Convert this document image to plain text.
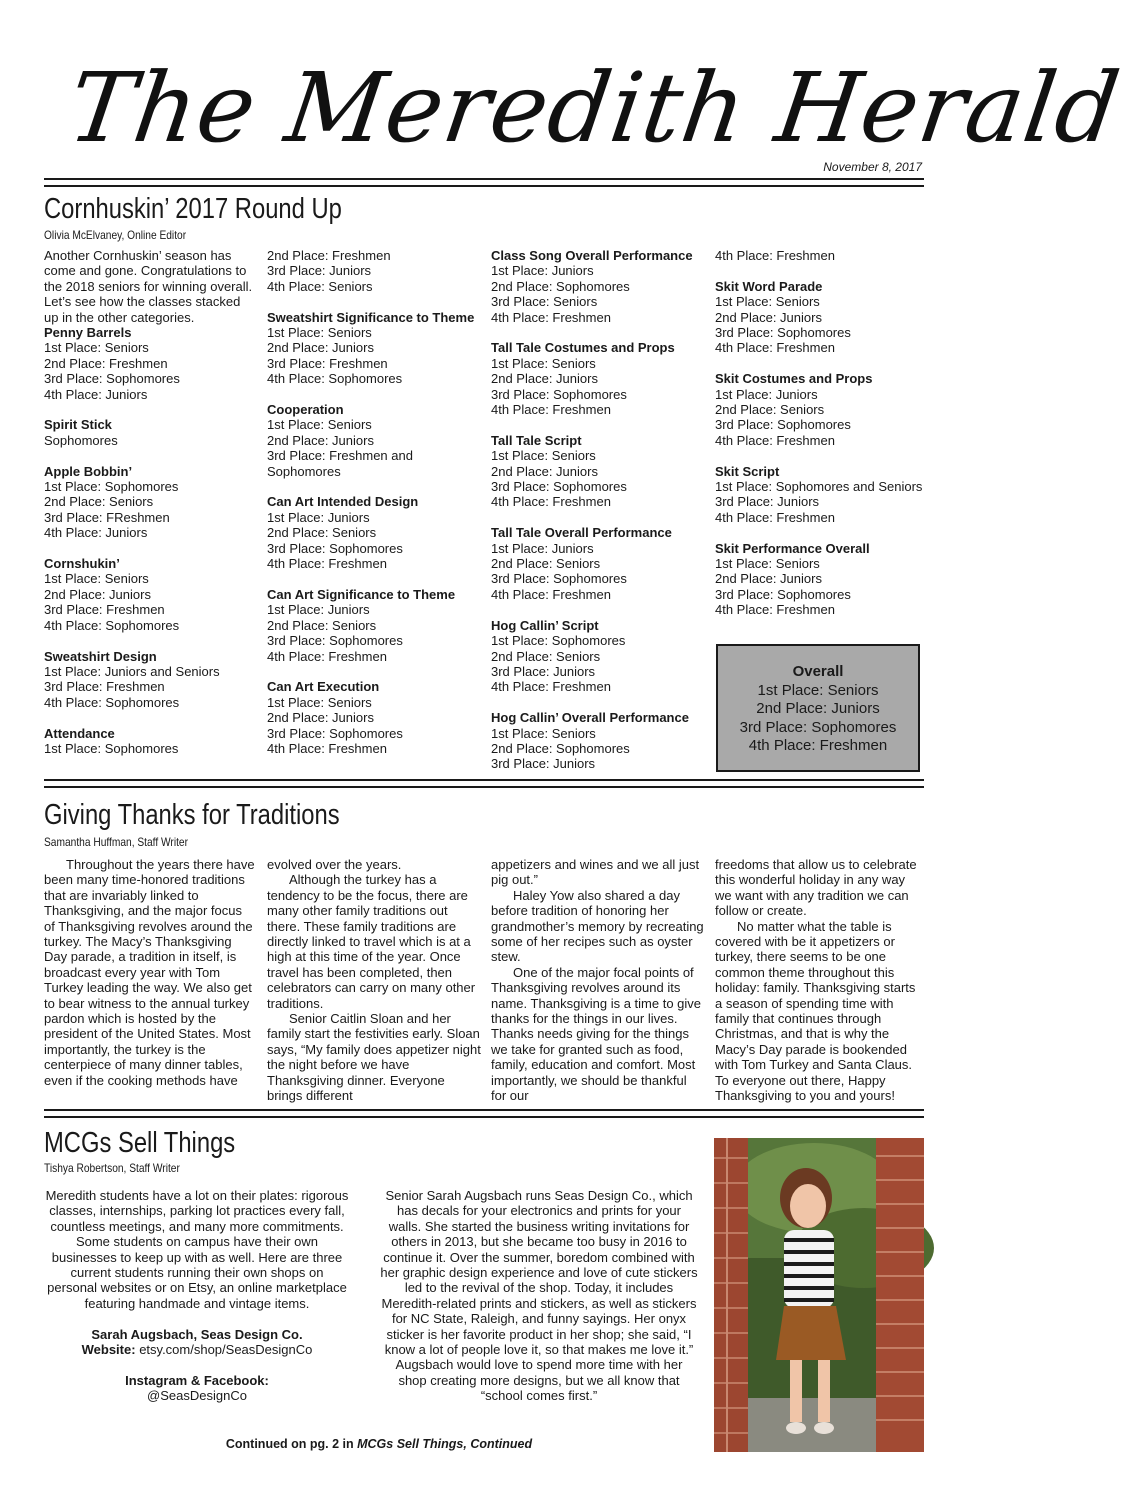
The Meredith Herald
November 8, 2017
Cornhuskin’ 2017 Round Up
Olivia McElvaney, Online Editor

Another Cornhuskin’ season has come and gone. Congratulations to the 2018 seniors for winning overall. Let’s see how the classes stacked up in the other categories.

Penny Barrels
1st Place: Seniors
2nd Place: Freshmen
3rd Place: Sophomores
4th Place: Juniors
Spirit Stick
Sophomores
Apple Bobbin’
1st Place: Sophomores
2nd Place: Seniors
3rd Place: FReshmen
4th Place: Juniors
Cornshukin’
1st Place: Seniors
2nd Place: Juniors
3rd Place: Freshmen
4th Place: Sophomores
Sweatshirt Design
1st Place: Juniors and Seniors
3rd Place: Freshmen
4th Place: Sophomores
Attendance
1st Place: Sophomores
2nd Place: Freshmen
3rd Place: Juniors
4th Place: Seniors
Sweatshirt Significance to Theme
1st Place: Seniors
2nd Place: Juniors
3rd Place: Freshmen
4th Place: Sophomores
Cooperation
1st Place: Seniors
2nd Place: Juniors
3rd Place: Freshmen and Sophomores
Can Art Intended Design
1st Place: Juniors
2nd Place: Seniors
3rd Place: Sophomores
4th Place: Freshmen
Can Art Significance to Theme
1st Place: Juniors
2nd Place: Seniors
3rd Place: Sophomores
4th Place: Freshmen
Can Art Execution
1st Place: Seniors
2nd Place: Juniors
3rd Place: Sophomores
4th Place: Freshmen
Class Song Overall Performance
1st Place: Juniors
2nd Place: Sophomores
3rd Place: Seniors
4th Place: Freshmen
Tall Tale Costumes and Props
1st Place: Seniors
2nd Place: Juniors
3rd Place: Sophomores
4th Place: Freshmen
Tall Tale Script
1st Place: Seniors
2nd Place: Juniors
3rd Place: Sophomores
4th Place: Freshmen
Tall Tale Overall Performance
1st Place: Juniors
2nd Place: Seniors
3rd Place: Sophomores
4th Place: Freshmen
Hog Callin’ Script
1st Place: Sophomores
2nd Place: Seniors
3rd Place: Juniors
4th Place: Freshmen
Hog Callin’ Overall Performance
1st Place: Seniors
2nd Place: Sophomores
3rd Place: Juniors
4th Place: Freshmen
Skit Word Parade
1st Place: Seniors
2nd Place: Juniors
3rd Place: Sophomores
4th Place: Freshmen
Skit Costumes and Props
1st Place: Juniors
2nd Place: Seniors
3rd Place: Sophomores
4th Place: Freshmen
Skit Script
1st Place: Sophomores and Seniors
3rd Place: Juniors
4th Place: Freshmen
Skit Performance Overall
1st Place: Seniors
2nd Place: Juniors
3rd Place: Sophomores
4th Place: Freshmen
Overall
1st Place: Seniors
2nd Place: Juniors
3rd Place: Sophomores
4th Place: Freshmen
Giving Thanks for Traditions
Samantha Huffman, Staff Writer

Throughout the years there have been many time-honored traditions that are invariably linked to Thanksgiving, and the major focus of Thanksgiving revolves around the turkey. The Macy’s Thanksgiving Day parade, a tradition in itself, is broadcast every year with Tom Turkey leading the way. We also get to bear witness to the annual turkey pardon which is hosted by the president of the United States. Most importantly, the turkey is the centerpiece of many dinner tables, even if the cooking methods have

evolved over the years.

Although the turkey has a tendency to be the focus, there are many other family traditions out there. These family traditions are directly linked to travel which is at a high at this time of the year. Once travel has been completed, then celebrators can carry on many other traditions.

Senior Caitlin Sloan and her family start the festivities early. Sloan says, “My family does appetizer night the night before we have Thanksgiving dinner. Everyone brings different

appetizers and wines and we all just pig out.”

Haley Yow also shared a day before tradition of honoring her grandmother’s memory by recreating some of her recipes such as oyster stew.

One of the major focal points of Thanksgiving revolves around its name. Thanksgiving is a time to give thanks for the things in our lives. Thanks needs giving for the things we take for granted such as food, family, education and comfort. Most importantly, we should be thankful for our

freedoms that allow us to celebrate this wonderful holiday in any way we want with any tradition we can follow or create.

No matter what the table is covered with be it appetizers or turkey, there seems to be one common theme throughout this holiday: family. Thanksgiving starts a season of spending time with family that continues through Christmas, and that is why the Macy’s Day parade is bookended with Tom Turkey and Santa Claus. To everyone out there, Happy Thanksgiving to you and yours!

MCGs Sell Things
Tishya Robertson, Staff Writer

Meredith students have a lot on their plates: rigorous classes, internships, parking lot practices every fall, countless meetings, and many more commitments. Some students on campus have their own businesses to keep up with as well. Here are three current students running their own shops on personal websites or on Etsy, an online marketplace featuring handmade and vintage items.

Sarah Augsbach, Seas Design Co.

Website: etsy.com/shop/SeasDesignCo

Instagram & Facebook:

@SeasDesignCo

Senior Sarah Augsbach runs Seas Design Co., which has decals for your electronics and prints for your walls. She started the business writing invitations for others in 2013, but she became too busy in 2016 to continue it. Over the summer, boredom combined with her graphic design experience and love of cute stickers led to the revival of the shop. Today, it includes Meredith-related prints and stickers, as well as stickers for NC State, Raleigh, and funny sayings. Her onyx sticker is her favorite product in her shop; she said, “I know a lot of people love it, so that makes me love it.” Augsbach would love to spend more time with her shop creating more designs, but we all know that “school comes first.”

Continued on pg. 2 in MCGs Sell Things, Continued
